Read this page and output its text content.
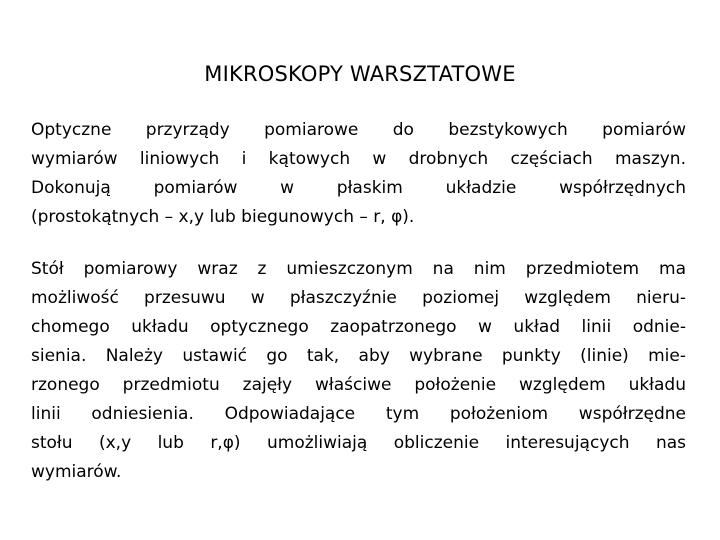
MIKROSKOPY WARSZTATOWE
Optyczne przyrządy pomiarowe do bezstykowych pomiarów
wymiarów liniowych i kątowych w drobnych częściach maszyn.
Dokonują pomiarów w płaskim układzie współrzędnych
(prostokątnych – x,y lub biegunowych – r, φ).
Stół pomiarowy wraz z umieszczonym na nim przedmiotem ma
możliwość przesuwu w płaszczyźnie poziomej względem nieru-
chomego układu optycznego zaopatrzonego w układ linii odnie-
sienia. Należy ustawić go tak, aby wybrane punkty (linie) mie-
rzonego przedmiotu zajęły właściwe położenie względem układu
linii odniesienia. Odpowiadające tym położeniom współrzędne
stołu (x,y lub r,φ) umożliwiają obliczenie interesujących nas
wymiarów.
